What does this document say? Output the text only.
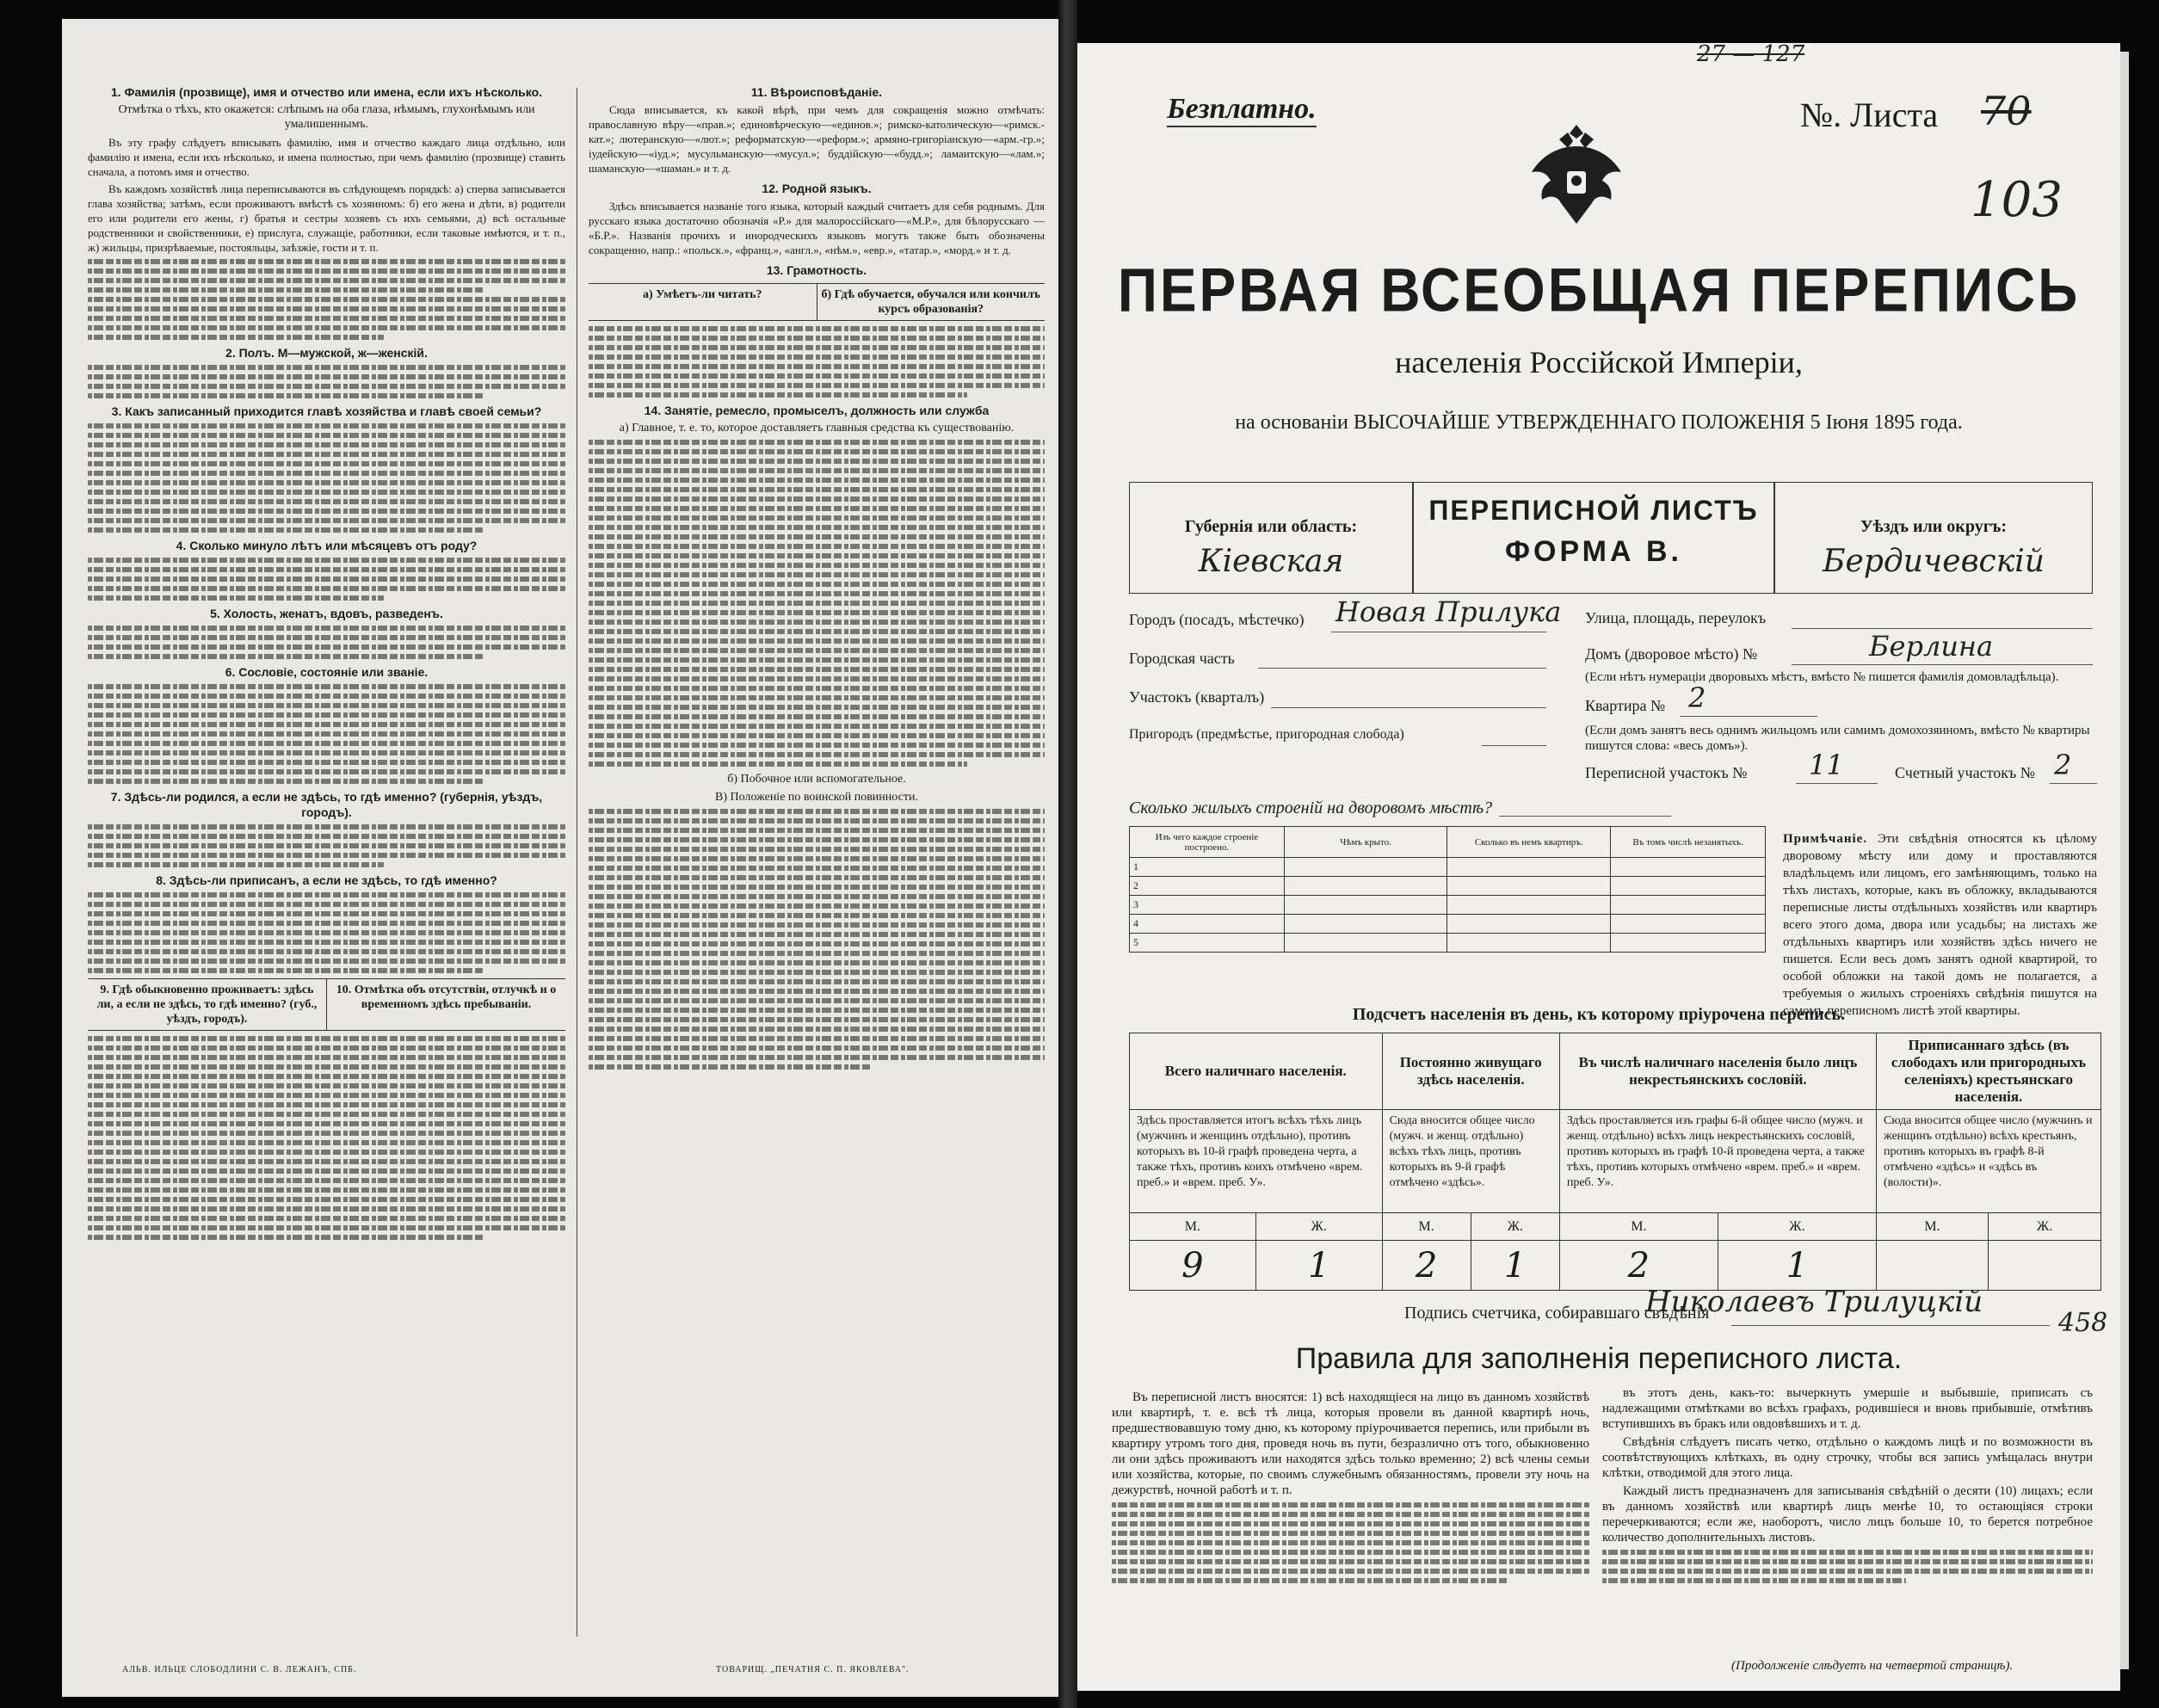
1. Фамилія (прозвище), имя и отчество или имена, если ихъ нѣсколько.
Отмѣтка о тѣхъ, кто окажется: слѣпымъ на оба глаза, нѣмымъ, глухонѣмымъ или умалишеннымъ.
Въ эту графу слѣдуетъ вписывать фамилію, имя и отчество каждаго лица отдѣльно, или фамилію и имена, если ихъ нѣсколько, и имена полностью, при чемъ фамилію (прозвище) ставить сначала, а потомъ имя и отчество.
Въ каждомъ хозяйствѣ лица переписываются въ слѣдующемъ порядкѣ: а) сперва записывается глава хозяйства; затѣмъ, если проживаютъ вмѣстѣ съ хозяиномъ: б) его жена и дѣти, в) родители его или родители его жены, г) братья и сестры хозяевъ съ ихъ семьями, д) всѣ остальные родственники и свойственники, е) прислуга, служащіе, работники, если таковые имѣются, и т. п., ж) жильцы, призрѣваемые, постояльцы, заѣзжіе, гости и т. п.
2. Полъ. М—мужской, ж—женскій.
3. Какъ записанный приходится главѣ хозяйства и главѣ своей семьи?
4. Сколько минуло лѣтъ или мѣсяцевъ отъ роду?
5. Холость, женатъ, вдовъ, разведенъ.
6. Сословіе, состояніе или званіе.
7. Здѣсь-ли родился, а если не здѣсь, то гдѣ именно? (губернія, уѣздъ, городъ).
8. Здѣсь-ли приписанъ, а если не здѣсь, то гдѣ именно?
9. Гдѣ обыкновенно проживаетъ: здѣсь ли, а если не здѣсь, то гдѣ именно? (губ., уѣздъ, городъ).
10. Отмѣтка объ отсутствіи, отлучкѣ и о временномъ здѣсь пребываніи.
11. Вѣроисповѣданіе.
Сюда вписывается, къ какой вѣрѣ, при чемъ для сокращенія можно отмѣчать: православную вѣру—«прав.»; единовѣрческую—«единов.»; римско-католическую—«римск.-кат.»; лютеранскую—«лют.»; реформатскую—«реформ.»; армяно-григоріанскую—«арм.-гр.»; іудейскую—«іуд.»; мусульманскую—«мусул.»; буддійскую—«будд.»; ламаитскую—«лам.»; шаманскую—«шаман.» и т. д.
12. Родной языкъ.
Здѣсь вписывается названіе того языка, который каждый считаетъ для себя роднымъ. Для русскаго языка достаточно обозначія «Р.» для малороссійскаго—«М.Р.», для бѣлорусскаго — «Б.Р.». Названія прочихъ и инородческихъ языковъ могутъ также быть обозначены сокращенно, напр.: «польск.», «франц.», «англ.», «нѣм.», «евр.», «татар.», «морд.» и т. д.
13. Грамотность.
а) Умѣетъ-ли читать?	б) Гдѣ обучается, обучался или кончилъ курсъ образованія?
14. Занятіе, ремесло, промыселъ, должность или служба
а) Главное, т. е. то, которое доставляетъ главныя средства къ существованію.
б) Побочное или вспомогательное.
В) Положеніе по воинской повинности.
АЛЬВ. ИЛЬЦЕ СЛОБОДЛИНИ С. В. ЛЕЖАНЪ, СПБ.	ТОВАРИЩ. „ПЕЧАТНЯ С. П. ЯКОВЛЕВА".
Безплатно.
27 — 127
№. Листа 70
103
ПЕРВАЯ ВСЕОБЩАЯ ПЕРЕПИСЬ
населенія Россійской Имперіи,
на основаніи ВЫСОЧАЙШЕ УТВЕРЖДЕННАГО ПОЛОЖЕНІЯ 5 Іюня 1895 года.
Губернія или область:
Кіевская
ПЕРЕПИСНОЙ ЛИСТЪ
ФОРМА В.
Уѣздъ или округъ:
Бердичевскій
Городъ (посадъ, мѣстечко) Новая Прилука
Городская часть
Участокъ (кварталъ)
Пригородъ (предмѣстье, пригородная слобода)
Улица, площадь, переулокъ
Домъ (дворовое мѣсто) №	Берлина
(Если нѣтъ нумераціи дворовыхъ мѣстъ, вмѣсто № пишется фамилія домовладѣльца).
Квартира № 2
(Если домъ занятъ весь однимъ жильцомъ или самимъ домохозяиномъ, вмѣсто № квартиры пишутся слова: «весь домъ»).
Переписной участокъ № 11	Счетный участокъ № 2
Сколько жилыхъ строеній на дворовомъ мѣстѣ?
Изъ чего каждое строеніе построено.	Чѣмъ крыто.	Сколько въ немъ квартиръ.	Въ томъ числѣ незанятыхъ.
1			
2			
3			
4			
5			
Примѣчаніе. Эти свѣдѣнія относятся къ цѣлому дворовому мѣсту или дому и проставляются владѣльцемъ или лицомъ, его замѣняющимъ, только на тѣхъ листахъ, которые, какъ въ обложку, вкладываются переписные листы отдѣльныхъ хозяйствъ или квартиръ всего этого дома, двора или усадьбы; на листахъ же отдѣльныхъ квартиръ или хозяйствъ здѣсь ничего не пишется. Если весь домъ занятъ одной квартирой, то особой обложки на такой домъ не полагается, а требуемыя о жилыхъ строеніяхъ свѣдѣнія пишутся на самомъ переписномъ листѣ этой квартиры.
Подсчетъ населенія въ день, къ которому пріурочена перепись.
Всего наличнаго населенія.		Постоянно живущаго здѣсь населенія.		Въ числѣ наличнаго населенія было лицъ некрестьянскихъ сословій.		Приписаннаго здѣсь (въ слободахъ или пригородныхъ селеніяхъ) крестьянскаго населенія.	
Здѣсь проставляется итогъ всѣхъ тѣхъ лицъ (мужчинъ и женщинъ отдѣльно), противъ которыхъ въ 10-й графѣ проведена черта, а также тѣхъ, противъ коихъ отмѣчено «врем. преб.» и «врем. преб. У».		Сюда вносится общее число (мужч. и женщ. отдѣльно) всѣхъ тѣхъ лицъ, противъ которыхъ въ 9-й графѣ отмѣчено «здѣсь».		Здѣсь проставляется изъ графы 6-й общее число (мужч. и женщ. отдѣльно) всѣхъ лицъ некрестьянскихъ сословій, противъ которыхъ въ графѣ 10-й проведена черта, а также тѣхъ, противъ которыхъ отмѣчено «врем. преб.» и «врем. преб. У».		Сюда вносится общее число (мужчинъ и женщинъ отдѣльно) всѣхъ крестьянъ, противъ которыхъ въ графѣ 8-й отмѣчено «здѣсь» и «здѣсь въ (волости)».	
М.	Ж.	М.	Ж.	М.	Ж.	М.	Ж.
9	1	2	1	2	1		
Подпись счетчика, собиравшаго свѣдѣнія
Николаевъ Трилуцкій
458
Правила для заполненія переписного листа.
Въ переписной листъ вносятся: 1) всѣ находящіеся на лицо въ данномъ хозяйствѣ или квартирѣ, т. е. всѣ тѣ лица, которыя провели въ данной квартирѣ ночь, предшествовавшую тому дню, къ которому пріурочивается перепись, или прибыли въ квартиру утромъ того дня, проведя ночь въ пути, безразлично отъ того, обыкновенно ли они здѣсь проживаютъ или находятся здѣсь только временно; 2) всѣ члены семьи или хозяйства, которые, по своимъ служебнымъ обязанностямъ, провели эту ночь на дежурствѣ, ночной работѣ и т. п.
въ этотъ день, какъ-то: вычеркнуть умершіе и выбывшіе, приписать съ надлежащими отмѣтками во всѣхъ графахъ, родившіеся и вновь прибывшіе, отмѣтивъ вступившихъ въ бракъ или овдовѣвшихъ и т. д.
Свѣдѣнія слѣдуетъ писать четко, отдѣльно о каждомъ лицѣ и по возможности въ соотвѣтствующихъ клѣткахъ, въ одну строчку, чтобы вся запись умѣщалась внутри клѣтки, отводимой для этого лица.
Каждый листъ предназначенъ для записыванія свѣдѣній о десяти (10) лицахъ; если въ данномъ хозяйствѣ или квартирѣ лицъ менѣе 10, то остающіяся строки перечеркиваются; если же, наоборотъ, число лицъ больше 10, то берется потребное количество дополнительныхъ листовъ.
(Продолженіе слѣдуетъ на четвертой страницѣ).
